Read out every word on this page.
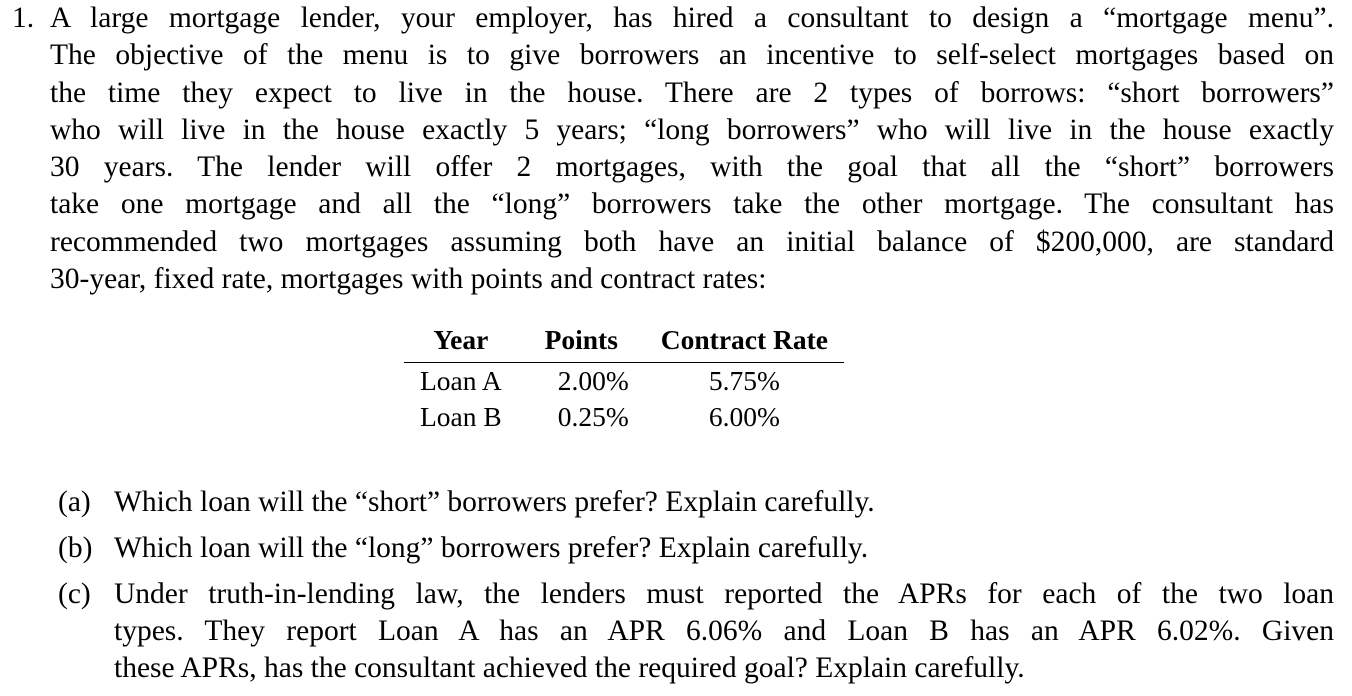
1. A large mortgage lender, your employer, has hired a consultant to design a “mortgage menu”.
The objective of the menu is to give borrowers an incentive to self-select mortgages based on
the time they expect to live in the house. There are 2 types of borrows: “short borrowers”
who will live in the house exactly 5 years; “long borrowers” who will live in the house exactly
30 years. The lender will offer 2 mortgages, with the goal that all the “short” borrowers
take one mortgage and all the “long” borrowers take the other mortgage. The consultant has
recommended two mortgages assuming both have an initial balance of $200,000, are standard
30-year, fixed rate, mortgages with points and contract rates:
Year	Points	Contract Rate
Loan A	2.00%	5.75%
Loan B	0.25%	6.00%
(a) Which loan will the “short” borrowers prefer? Explain carefully.
(b) Which loan will the “long” borrowers prefer? Explain carefully.
(c) Under truth-in-lending law, the lenders must reported the APRs for each of the two loan
types. They report Loan A has an APR 6.06% and Loan B has an APR 6.02%. Given
these APRs, has the consultant achieved the required goal? Explain carefully.
